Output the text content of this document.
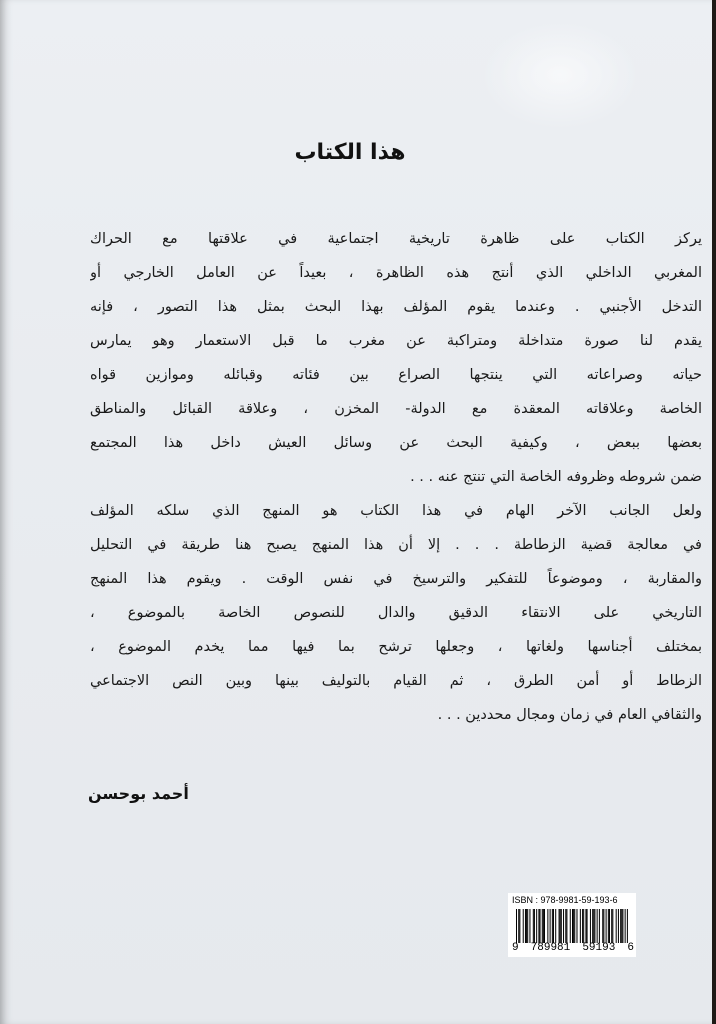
هذا الكتاب
يركز الكتاب على ظاهرة تاريخية اجتماعية في علاقتها مع الحراك
المغربي الداخلي الذي أنتج هذه الظاهرة ، بعيداً عن العامل الخارجي أو
التدخل الأجنبي . وعندما يقوم المؤلف بهذا البحث بمثل هذا التصور ، فإنه
يقدم لنا صورة متداخلة ومتراكبة عن مغرب ما قبل الاستعمار وهو يمارس
حياته وصراعاته التي ينتجها الصراع بين فئاته وقبائله وموازين قواه
الخاصة وعلاقاته المعقدة مع الدولة- المخزن ، وعلاقة القبائل والمناطق
بعضها ببعض ، وكيفية البحث عن وسائل العيش داخل هذا المجتمع
ضمن شروطه وظروفه الخاصة التي تنتج عنه . . .
ولعل الجانب الآخر الهام في هذا الكتاب هو المنهج الذي سلكه المؤلف
في معالجة قضية الزطاطة . . . إلا أن هذا المنهج يصبح هنا طريقة في التحليل
والمقاربة ، وموضوعاً للتفكير والترسيخ في نفس الوقت . ويقوم هذا المنهج
التاريخي على الانتقاء الدقيق والدال للنصوص الخاصة بالموضوع ،
بمختلف أجناسها ولغاتها ، وجعلها ترشح بما فيها مما يخدم الموضوع ،
الزطاط أو أمن الطرق ، ثم القيام بالتوليف بينها وبين النص الاجتماعي
والثقافي العام في زمان ومجال محددين . . .
أحمد بوحسن
ISBN : 978-9981-59-193-6
9 789981 59193 6
